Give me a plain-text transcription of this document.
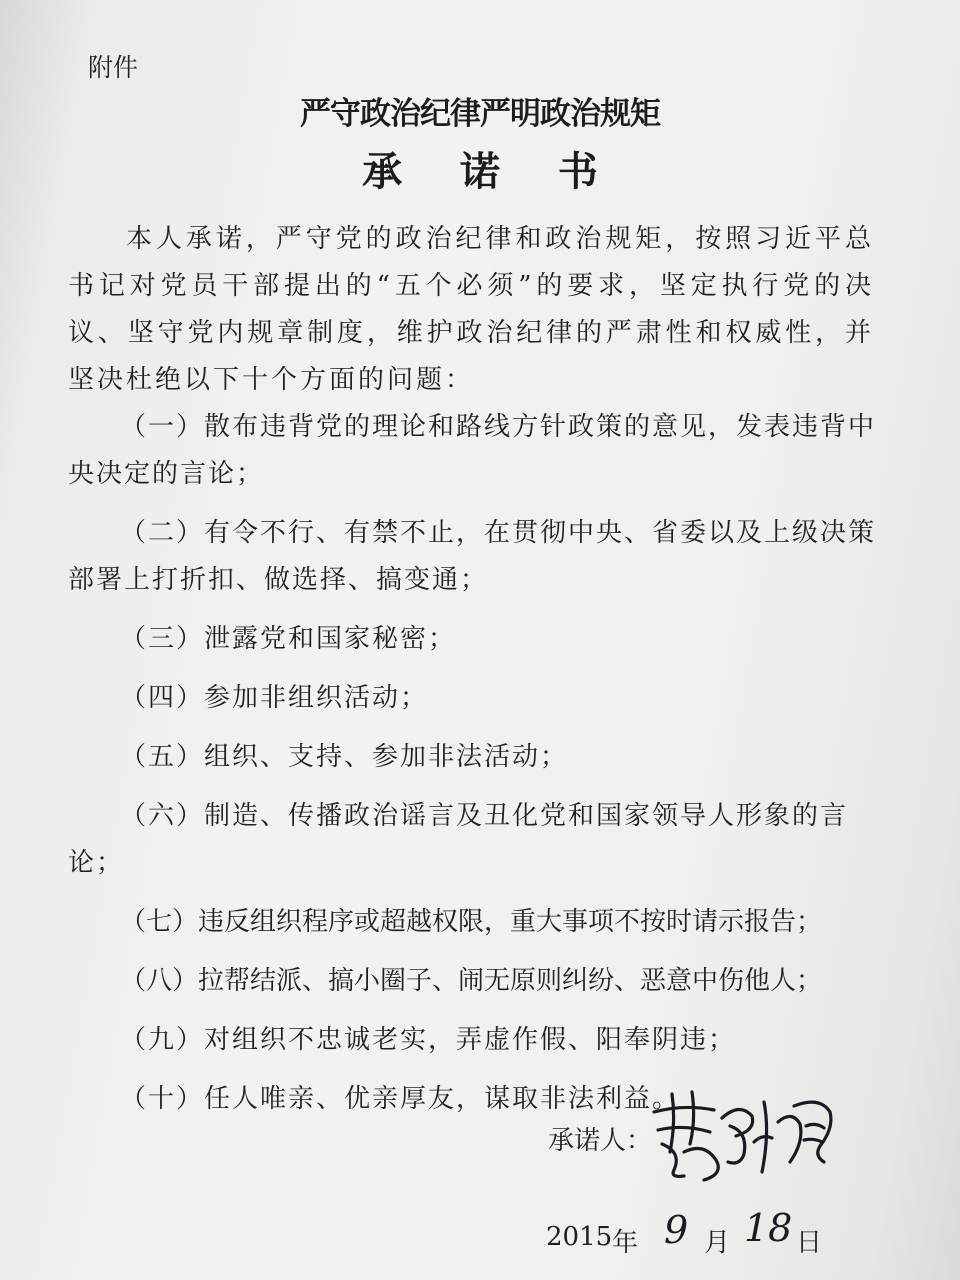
附件

严守政治纪律严明政治规矩
承 诺 书

本人承诺，严守党的政治纪律和政治规矩，按照习近平总书记对党员干部提出的“五个必须”的要求，坚定执行党的决议、坚守党内规章制度，维护政治纪律的严肃性和权威性，并坚决杜绝以下十个方面的问题：

（一）散布违背党的理论和路线方针政策的意见，发表违背中央决定的言论；
（二）有令不行、有禁不止，在贯彻中央、省委以及上级决策部署上打折扣、做选择、搞变通；
（三）泄露党和国家秘密；
（四）参加非组织活动；
（五）组织、支持、参加非法活动；
（六）制造、传播政治谣言及丑化党和国家领导人形象的言论；
（七）违反组织程序或超越权限，重大事项不按时请示报告；
（八）拉帮结派、搞小圈子、闹无原则纠纷、恶意中伤他人；
（九）对组织不忠诚老实，弄虚作假、阳奉阴违；
（十）任人唯亲、优亲厚友，谋取非法利益。

承诺人：

2015 年 9 月 18 日
